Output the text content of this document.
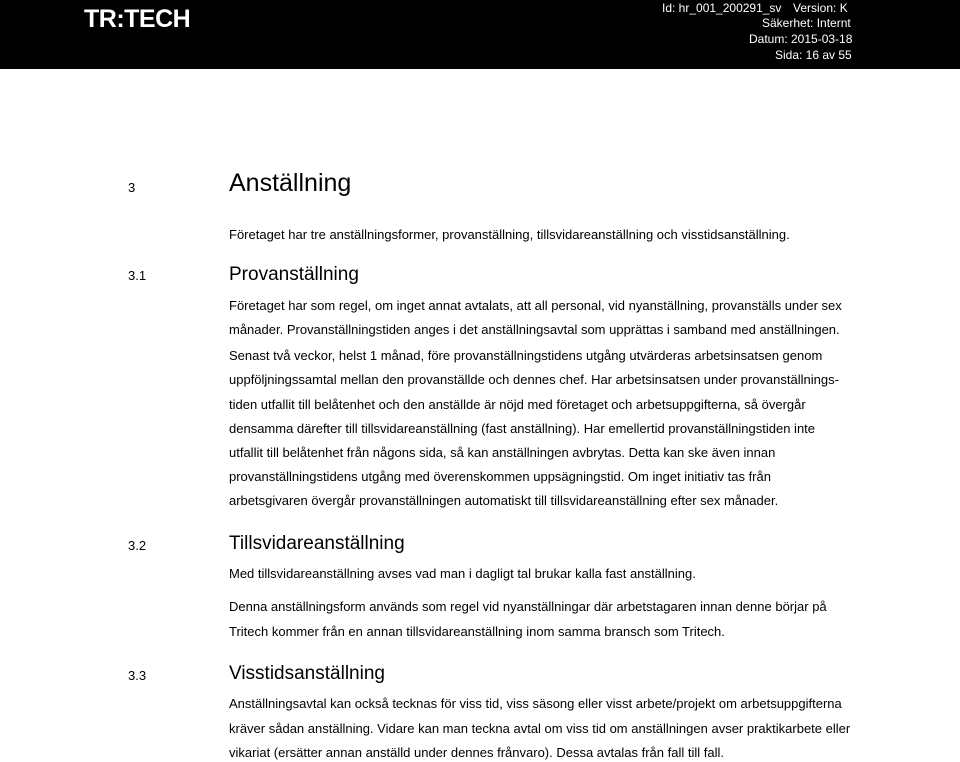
TR:TECH	Id: hr_001_200291_sv Version: K
Säkerhet: Internt
Datum: 2015-03-18
Sida: 16 av 55
3	Anställning
Företaget har tre anställningsformer, provanställning, tillsvidareanställning och visstidsanställning.
3.1	Provanställning
Företaget har som regel, om inget annat avtalats, att all personal, vid nyanställning, provanställs under sex
månader. Provanställningstiden anges i det anställningsavtal som upprättas i samband med anställningen.
Senast två veckor, helst 1 månad, före provanställningstidens utgång utvärderas arbetsinsatsen genom
uppföljningssamtal mellan den provanställde och dennes chef. Har arbetsinsatsen under provanställnings-
tiden utfallit till belåtenhet och den anställde är nöjd med företaget och arbetsuppgifterna, så övergår
densamma därefter till tillsvidareanställning (fast anställning). Har emellertid provanställningstiden inte
utfallit till belåtenhet från någons sida, så kan anställningen avbrytas. Detta kan ske även innan
provanställningstidens utgång med överenskommen uppsägningstid. Om inget initiativ tas från
arbetsgivaren övergår provanställningen automatiskt till tillsvidareanställning efter sex månader.
3.2	Tillsvidareanställning
Med tillsvidareanställning avses vad man i dagligt tal brukar kalla fast anställning.
Denna anställningsform används som regel vid nyanställningar där arbetstagaren innan denne börjar på
Tritech kommer från en annan tillsvidareanställning inom samma bransch som Tritech.
3.3	Visstidsanställning
Anställningsavtal kan också tecknas för viss tid, viss säsong eller visst arbete/projekt om arbetsuppgifterna
kräver sådan anställning. Vidare kan man teckna avtal om viss tid om anställningen avser praktikarbete eller
vikariat (ersätter annan anställd under dennes frånvaro). Dessa avtalas från fall till fall.
